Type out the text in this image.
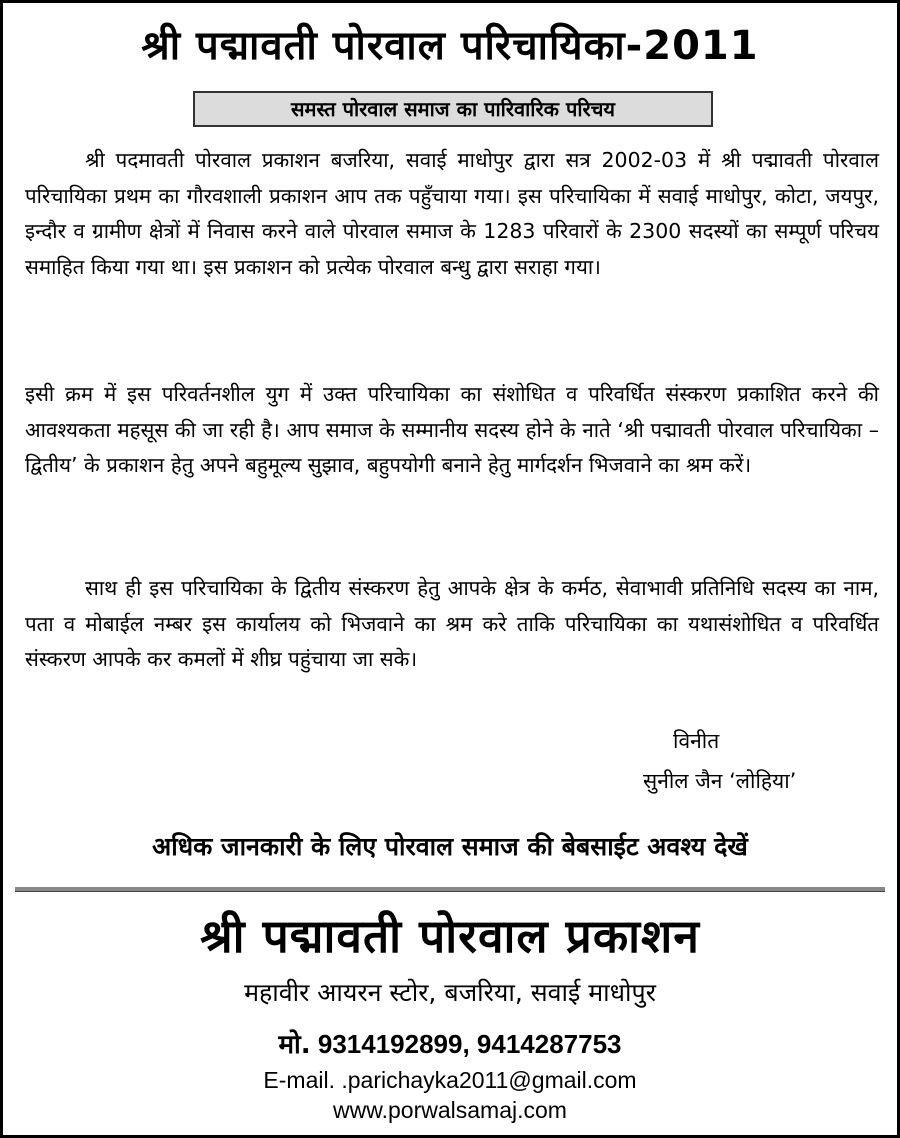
श्री पद्मावती पोरवाल परिचायिका-2011
समस्त पोरवाल समाज का पारिवारिक परिचय

श्री पदमावती पोरवाल प्रकाशन बजरिया, सवाई माधोपुर द्वारा सत्र 2002-03 में श्री पद्मावती पोरवाल परिचायिका प्रथम का गौरवशाली प्रकाशन आप तक पहुँचाया गया। इस परिचायिका में सवाई माधोपुर, कोटा, जयपुर, इन्दौर व ग्रामीण क्षेत्रों में निवास करने वाले पोरवाल समाज के 1283 परिवारों के 2300 सदस्यों का सम्पूर्ण परिचय समाहित किया गया था। इस प्रकाशन को प्रत्येक पोरवाल बन्धु द्वारा सराहा गया।

इसी क्रम में इस परिवर्तनशील युग में उक्त परिचायिका का संशोधित व परिवर्धित संस्करण प्रकाशित करने की आवश्यकता महसूस की जा रही है। आप समाज के सम्मानीय सदस्य होने के नाते ‘श्री पद्मावती पोरवाल परिचायिका –द्वितीय’ के प्रकाशन हेतु अपने बहुमूल्य सुझाव, बहुपयोगी बनाने हेतु मार्गदर्शन भिजवाने का श्रम करें।

साथ ही इस परिचायिका के द्वितीय संस्करण हेतु आपके क्षेत्र के कर्मठ, सेवाभावी प्रतिनिधि सदस्य का नाम, पता व मोबाईल नम्बर इस कार्यालय को भिजवाने का श्रम करे ताकि परिचायिका का यथासंशोधित व परिवर्धित संस्करण आपके कर कमलों में शीघ्र पहुंचाया जा सके।

विनीत
सुनील जैन ‘लोहिया’
अधिक जानकारी के लिए पोरवाल समाज की बेबसाईट अवश्य देखें
श्री पद्मावती पोरवाल प्रकाशन
महावीर आयरन स्टोर, बजरिया, सवाई माधोपुर
मो. 9314192899, 9414287753
E-mail. .parichayka2011@gmail.com
www.porwalsamaj.com
